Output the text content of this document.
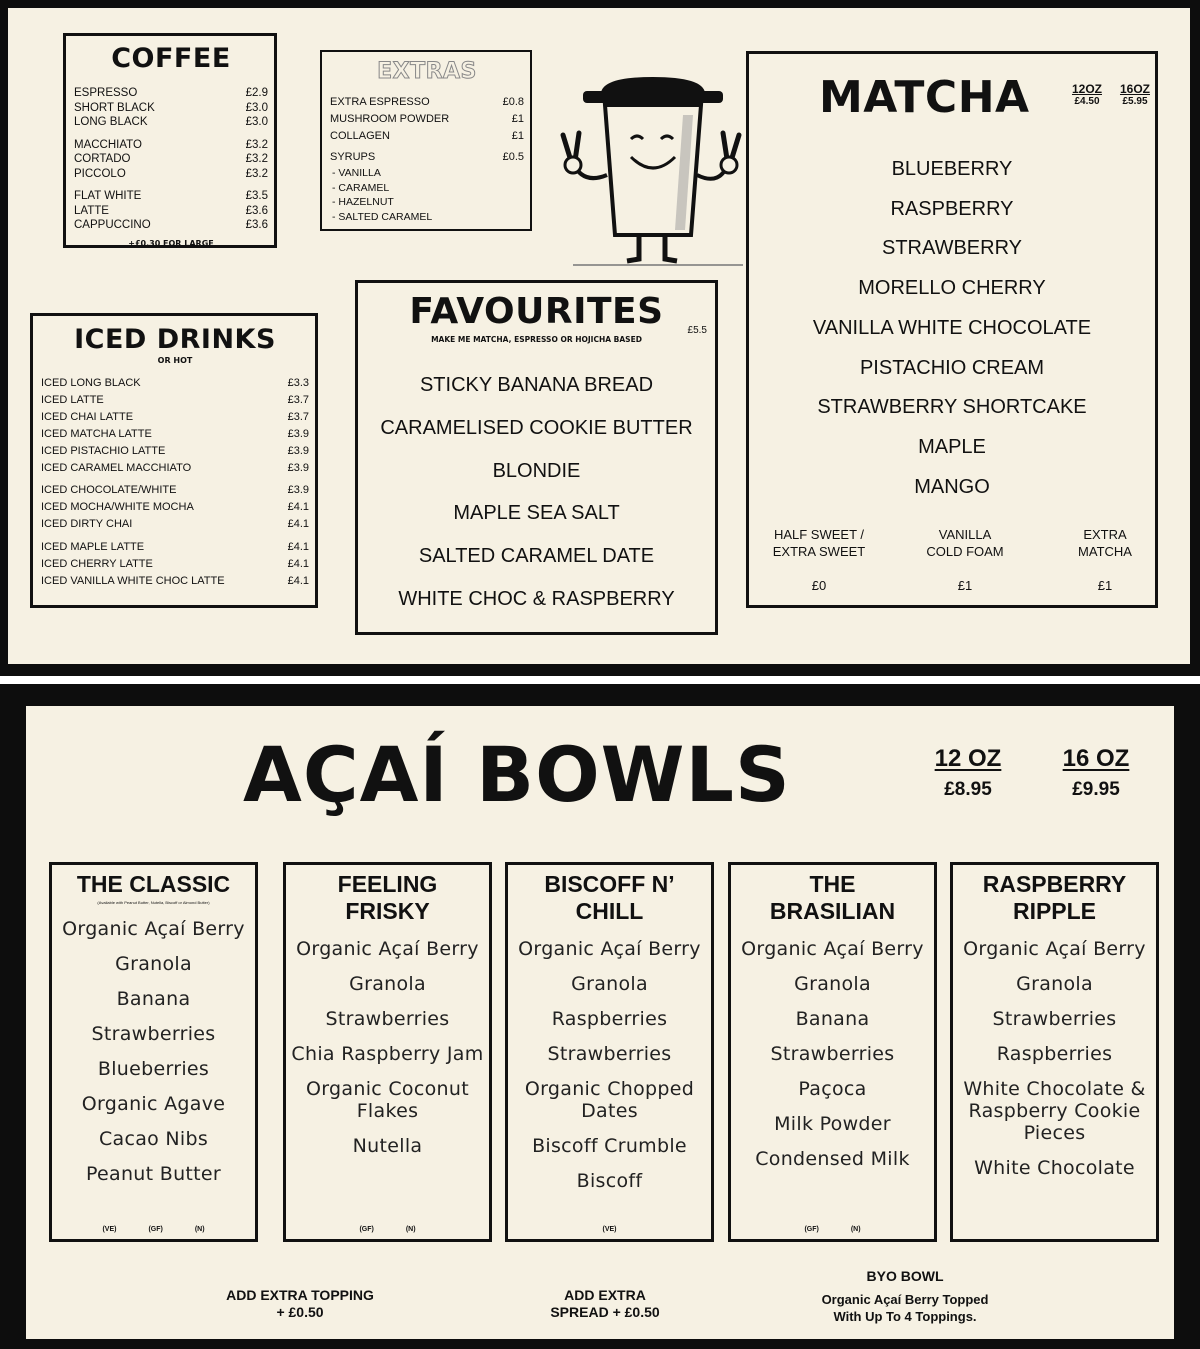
COFFEE
ESPRESSO	£2.9
SHORT BLACK	£3.0
LONG BLACK	£3.0
MACCHIATO	£3.2
CORTADO	£3.2
PICCOLO	£3.2
FLAT WHITE	£3.5
LATTE	£3.6
CAPPUCCINO	£3.6
+£0.30 FOR LARGE
EXTRAS
EXTRA ESPRESSO	£0.8
MUSHROOM POWDER	£1
COLLAGEN	£1
SYRUPS	£0.5
- VANILLA
- CARAMEL
- HAZELNUT
- SALTED CARAMEL
MATCHA	12OZ
£4.50
16OZ
£5.95
BLUEBERRY
RASPBERRY
STRAWBERRY
MORELLO CHERRY
VANILLA WHITE CHOCOLATE
PISTACHIO CREAM
STRAWBERRY SHORTCAKE
MAPLE
MANGO
HALF SWEET /
EXTRA SWEET
£0
VANILLA
COLD FOAM
£1
EXTRA
MATCHA
£1
ICED DRINKS
OR HOT
ICED LONG BLACK	£3.3
ICED LATTE	£3.7
ICED CHAI LATTE	£3.7
ICED MATCHA LATTE	£3.9
ICED PISTACHIO LATTE	£3.9
ICED CARAMEL MACCHIATO	£3.9
ICED CHOCOLATE/WHITE	£3.9
ICED MOCHA/WHITE MOCHA	£4.1
ICED DIRTY CHAI	£4.1
ICED MAPLE LATTE	£4.1
ICED CHERRY LATTE	£4.1
ICED VANILLA WHITE CHOC LATTE	£4.1
FAVOURITES	£5.5
MAKE ME MATCHA, ESPRESSO OR HOJICHA BASED
STICKY BANANA BREAD
CARAMELISED COOKIE BUTTER
BLONDIE
MAPLE SEA SALT
SALTED CARAMEL DATE
WHITE CHOC & RASPBERRY
AÇAÍ BOWLS	12 OZ
£8.95
16 OZ
£9.95
THE CLASSIC
(Available with Peanut Butter, Nutella, Biscoff or Almond Butter)
Organic Açaí Berry
Granola
Banana
Strawberries
Blueberries
Organic Agave
Cacao Nibs
Peanut Butter
(VE)	(GF)	(N)
FEELING
FRISKY
Organic Açaí Berry
Granola
Strawberries
Chia Raspberry Jam
Organic Coconut Flakes
Nutella
(GF)	(N)
BISCOFF N’
CHILL
Organic Açaí Berry
Granola
Raspberries
Strawberries
Organic Chopped Dates
Biscoff Crumble
Biscoff
(VE)
THE
BRASILIAN
Organic Açaí Berry
Granola
Banana
Strawberries
Paçoca
Milk Powder
Condensed Milk
(GF)	(N)
RASPBERRY
RIPPLE
Organic Açaí Berry
Granola
Strawberries
Raspberries
White Chocolate & Raspberry Cookie Pieces
White Chocolate
ADD EXTRA TOPPING
+ £0.50
ADD EXTRA
SPREAD + £0.50
BYO BOWL
Organic Açaí Berry Topped
With Up To 4 Toppings.
